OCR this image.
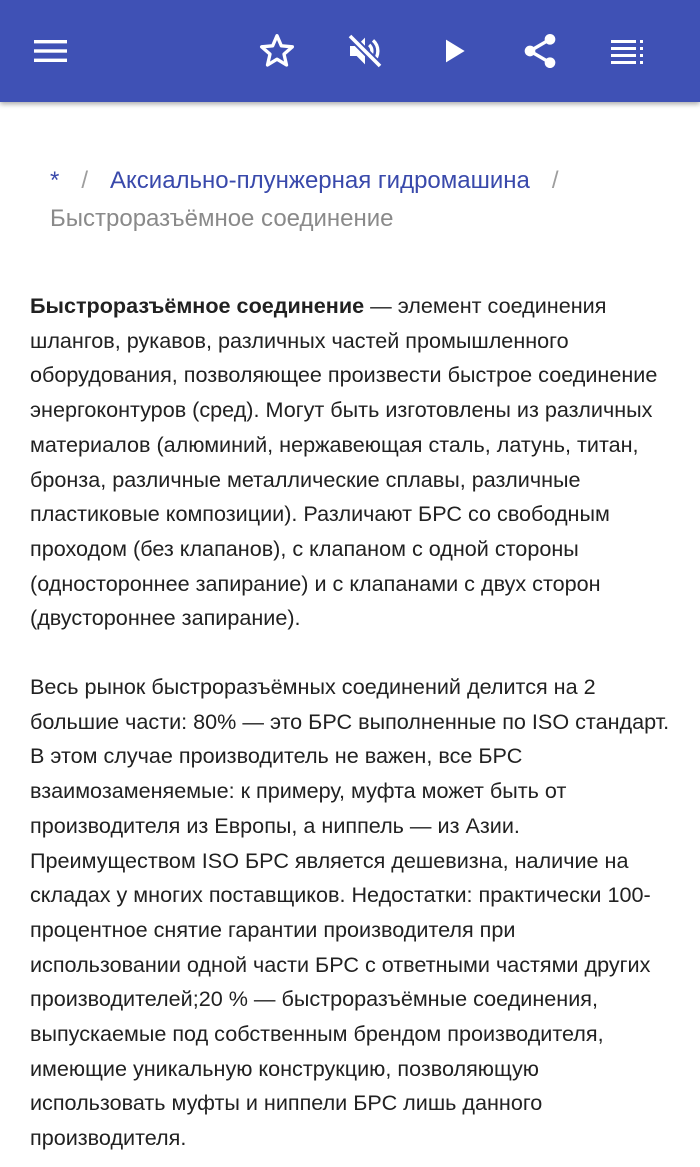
* / Аксиально-плунжерная гидромашина /
Быстроразъёмное соединение

Быстроразъёмное соединение — элемент соединения шлангов, рукавов, различных частей промышленного оборудования, позволяющее произвести быстрое соединение энергоконтуров (сред). Могут быть изготовлены из различных материалов (алюминий, нержавеющая сталь, латунь, титан, бронза, различные металлические сплавы, различные пластиковые композиции). Различают БРС со свободным проходом (без клапанов), с клапаном с одной стороны (одностороннее запирание) и с клапанами с двух сторон (двустороннее запирание).

Весь рынок быстроразъёмных соединений делится на 2 большие части: 80% — это БРС выполненные по ISO стандарт. В этом случае производитель не важен, все БРС взаимозаменяемые: к примеру, муфта может быть от производителя из Европы, а ниппель — из Азии. Преимуществом ISO БРС является дешевизна, наличие на складах у многих поставщиков. Недостатки: практически 100-процентное снятие гарантии производителя при использовании одной части БРС с ответными частями других производителей;20 % — быстроразъёмные соединения, выпускаемые под собственным брендом производителя, имеющие уникальную конструкцию, позволяющую использовать муфты и ниппели БРС лишь данного производителя.
